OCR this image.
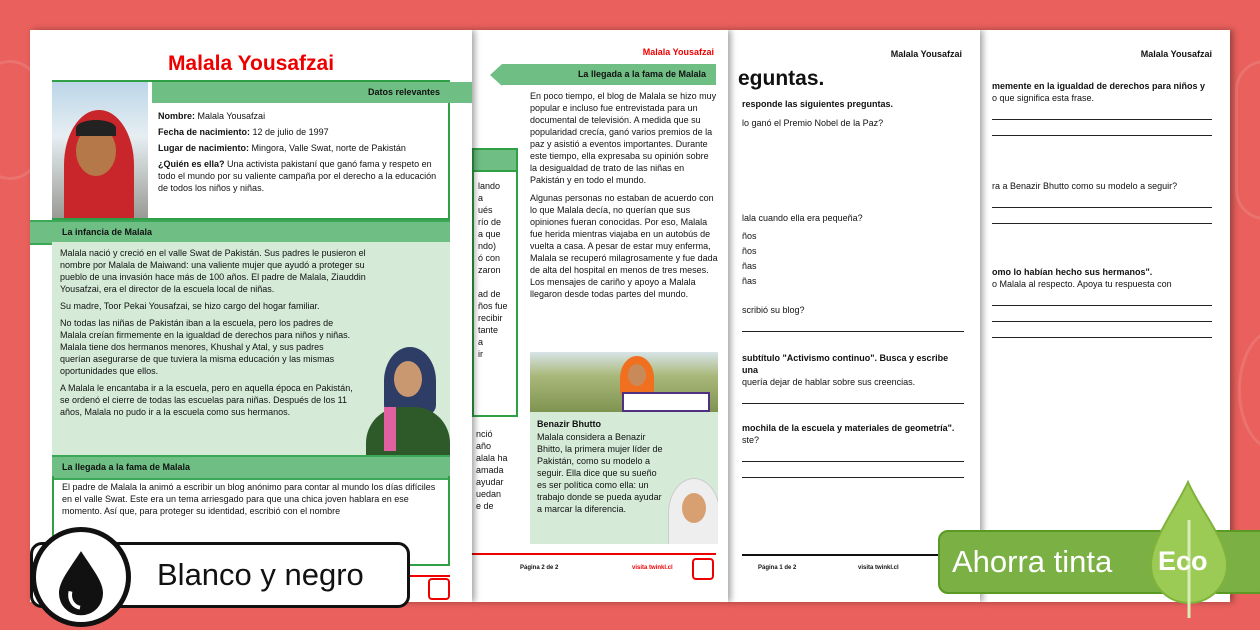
Malala Yousafzai
memente en la igualdad de derechos para niños y
o que significa esta frase.
ra a Benazir Bhutto como su modelo a seguir?
omo lo habían hecho sus hermanos".
o Malala al respecto. Apoya tu respuesta con
Malala Yousafzai
eguntas.
responde las siguientes preguntas.
lo ganó el Premio Nobel de la Paz?
lala cuando ella era pequeña?
ños
ños
ñas
ñas
scribió su blog?
subtítulo "Activismo continuo". Busca y escribe una
quería dejar de hablar sobre sus creencias.
mochila de la escuela y materiales de geometría".
ste?
Página 1 de 2	visita twinkl.cl
Malala Yousafzai
La llegada a la fama de Malala
lando
a
ués
río de
a que
ndo)
ó con
zaron
ad de
ños fue
recibir
tante
a
ir
nció
año
alala ha
amada
ayudar
uedan
e de

En poco tiempo, el blog de Malala se hizo muy popular e incluso fue entrevistada para un documental de televisión. A medida que su popularidad crecía, ganó varios premios de la paz y asistió a eventos importantes. Durante este tiempo, ella expresaba su opinión sobre la desigualdad de trato de las niñas en Pakistán y en todo el mundo.

Algunas personas no estaban de acuerdo con lo que Malala decía, no querían que sus opiniones fueran conocidas. Por eso, Malala fue herida mientras viajaba en un autobús de vuelta a casa. A pesar de estar muy enferma, Malala se recuperó milagrosamente y fue dada de alta del hospital en menos de tres meses. Los mensajes de cariño y apoyo a Malala llegaron desde todas partes del mundo.

Benazir Bhutto
Malala considera a Benazir Bhitto, la primera mujer líder de Pakistán, como su modelo a seguir. Ella dice que su sueño es ser política como ella: un trabajo donde se pueda ayudar a marcar la diferencia.
Página 2 de 2	visita twinkl.cl
Malala Yousafzai
Datos relevantes

Nombre: Malala Yousafzai

Fecha de nacimiento: 12 de julio de 1997

Lugar de nacimiento: Mingora, Valle Swat, norte de Pakistán

¿Quién es ella? Una activista pakistaní que ganó fama y respeto en todo el mundo por su valiente campaña por el derecho a la educación de todos los niños y niñas.

La infancia de Malala

Malala nació y creció en el valle Swat de Pakistán. Sus padres le pusieron el nombre por Malala de Maiwand: una valiente mujer que ayudó a proteger su pueblo de una invasión hace más de 100 años. El padre de Malala, Ziauddin Yousafzai, era el director de la escuela local de niñas.

Su madre, Toor Pekai Yousafzai, se hizo cargo del hogar familiar.

No todas las niñas de Pakistán iban a la escuela, pero los padres de Malala creían firmemente en la igualdad de derechos para niños y niñas. Malala tiene dos hermanos menores, Khushal y Atal, y sus padres querían asegurarse de que tuviera la misma educación y las mismas oportunidades que ellos.

A Malala le encantaba ir a la escuela, pero en aquella época en Pakistán, se ordenó el cierre de todas las escuelas para niñas. Después de los 11 años, Malala no pudo ir a la escuela como sus hermanos.

La llegada a la fama de Malala
El padre de Malala la animó a escribir un blog anónimo para contar al mundo los días difíciles en el valle Swat. Este era un tema arriesgado para que una chica joven hablara en ese momento. Así que, para proteger su identidad, escribió con el nombre
Blanco y negro	Ahorra tinta Eco
